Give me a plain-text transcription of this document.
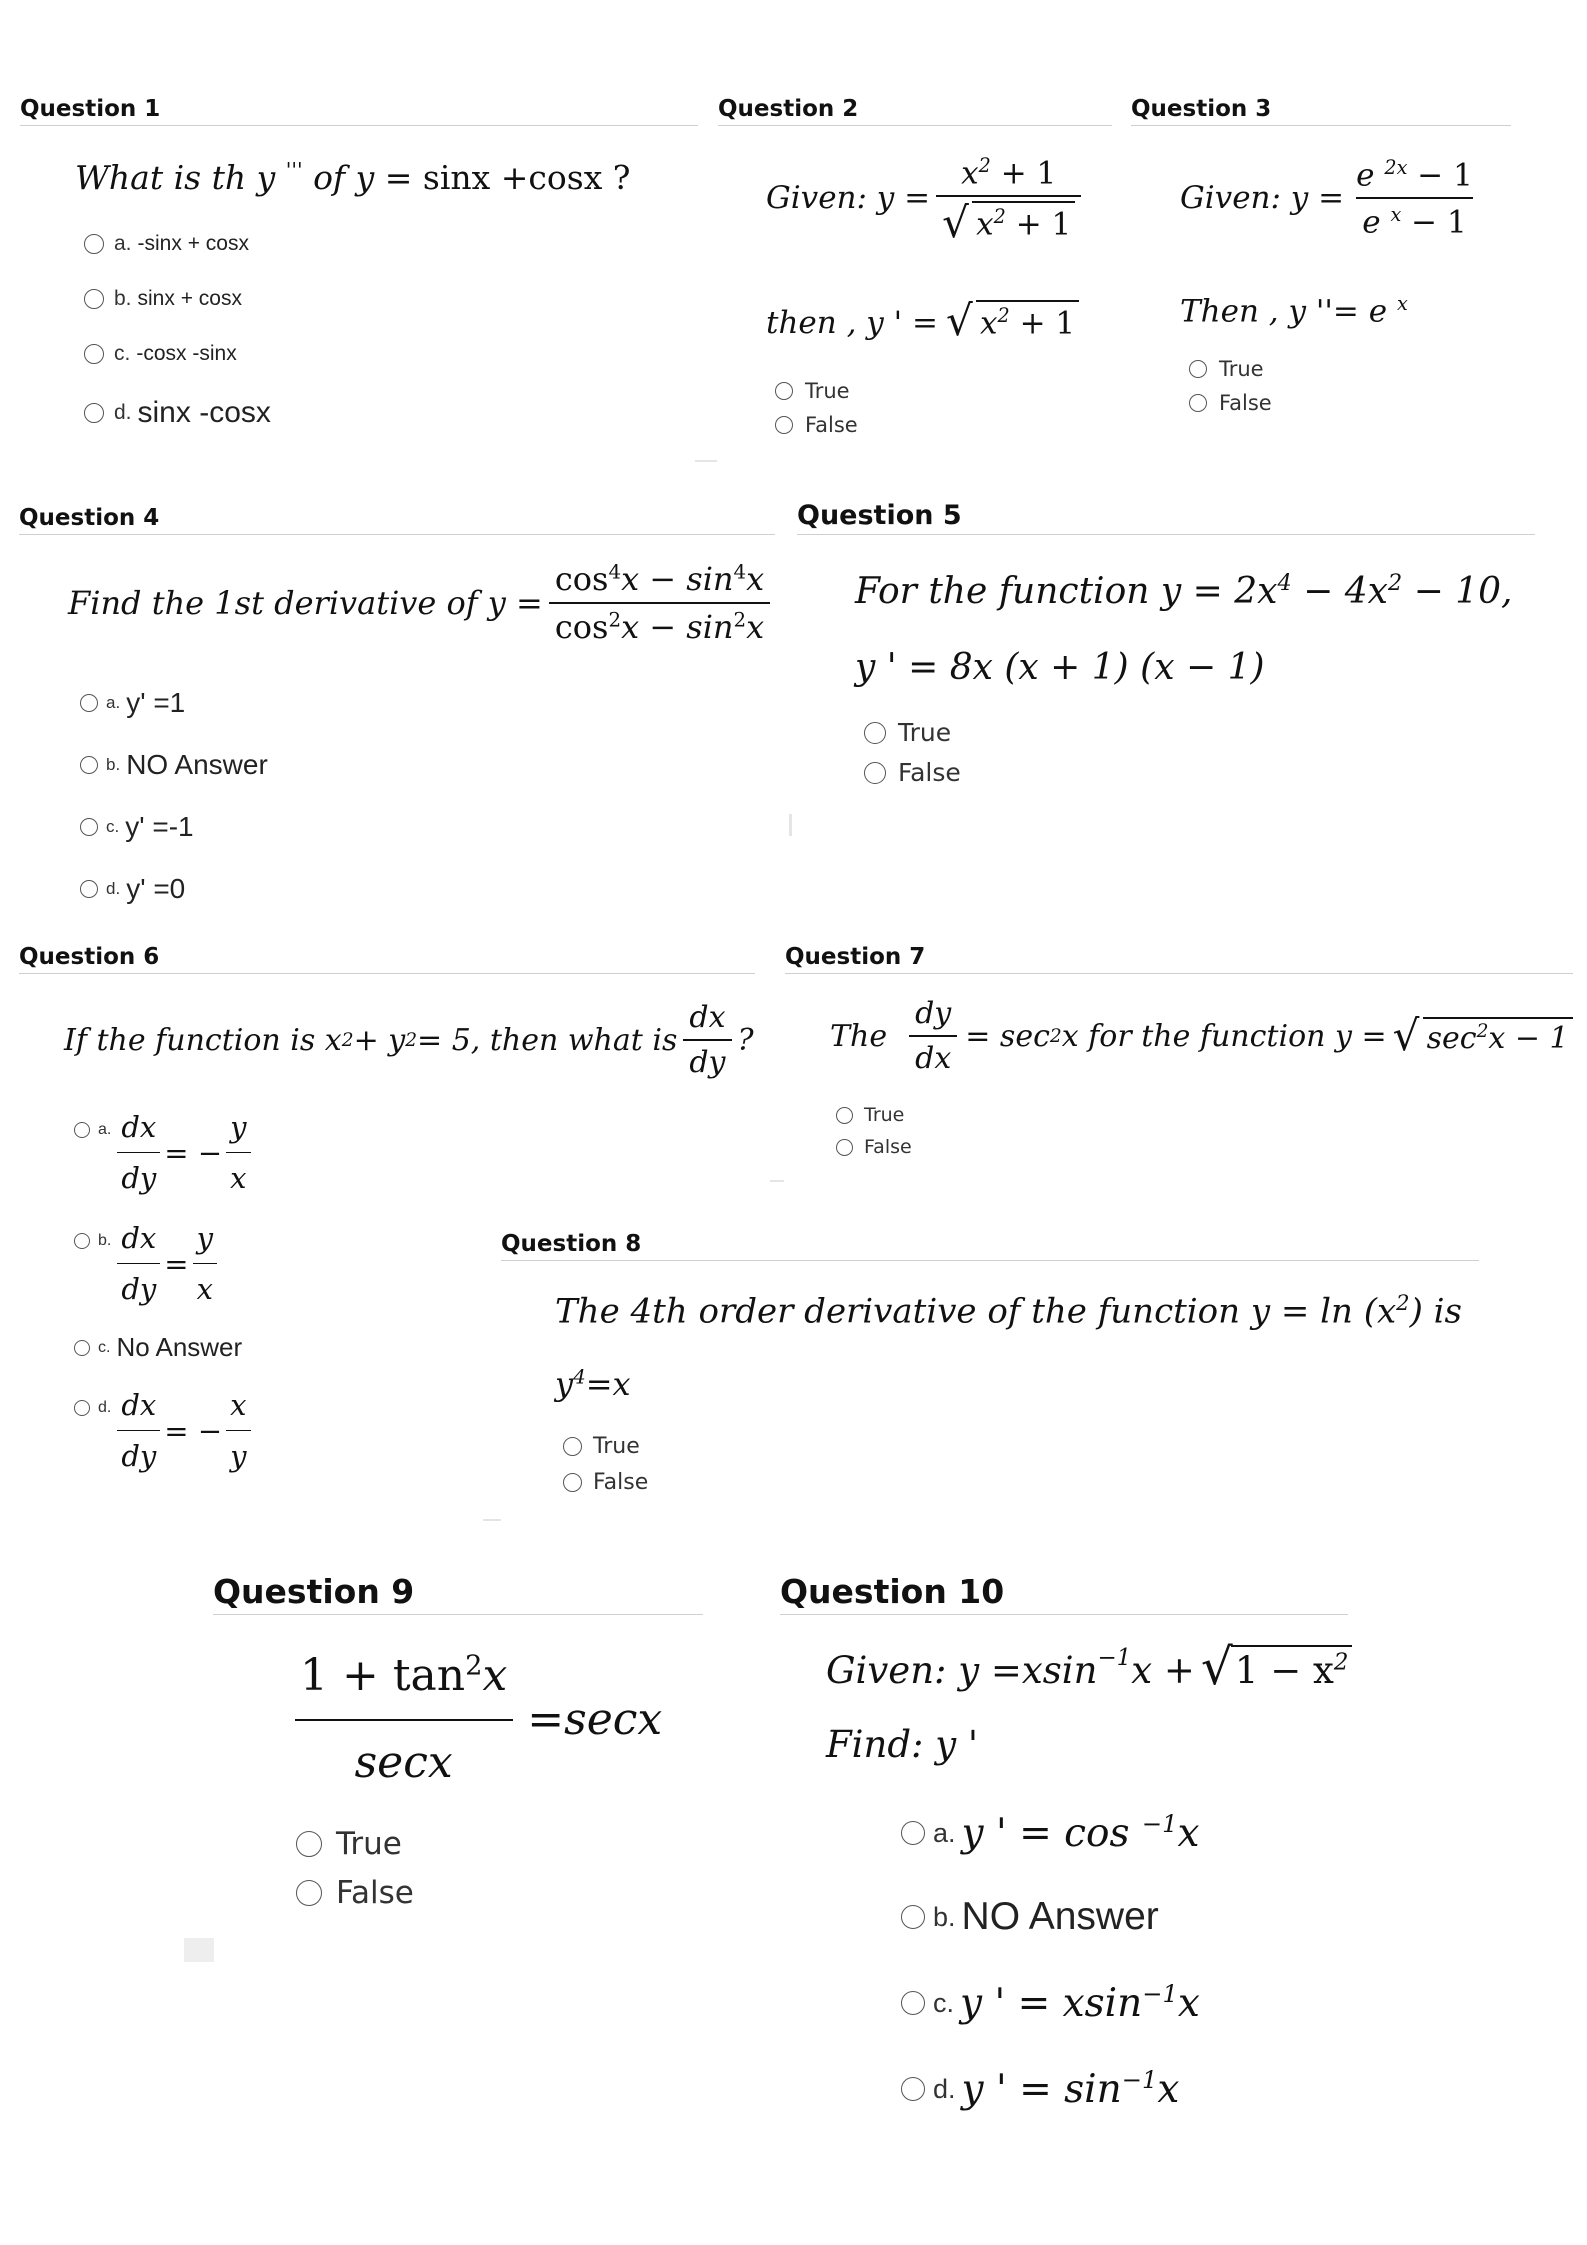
Question 1
What is th y ''' of y = sinx +cosx ?
a. -sinx + cosx
b. sinx + cosx
c. -cosx -sinx
d. sinx -cosx
Question 2
Given: $y = \frac{x^2 + 1}{√ x^2 + 1}$
then , y ' = √ $x^2 + 1$
True
False
Question 3
Given: $y = \frac{e ^{2x} - 1}{e ^x - 1}$
Then , y ''= e $^x$
True
False
Question 4
Find the 1st derivative of $y = \frac{\cos^4x - \sin^4x}{\cos^2x - \sin^2x}$
a. y' =1
b. NO Answer
c. y' =-1
d. y' =0
Question 5
For the function $y = 2x^4 - 4x^2 - 10$,
y ' = 8x (x + 1) (x − 1)
True
False
Question 6
If the function is x 2 + y 2 = 5, then what is $\frac{dx}{dy}$ ?
a. $\frac{dx}{dy}$ = − $\frac{y}{x}$
b. $\frac{dx}{dy} = \frac{y}{x}$
c. No Answer
d. $\frac{dx}{dy}$ = − $\frac{x}{y}$
Question 7
The $\frac{dy}{dx} = \sec 2$ x for the function y = √ $\sec^2x - 1$
True
False
Question 8
The 4th order derivative of the function $y = \ln (x^2)$ is
$y^4=x$
True
False
Question 9
$\frac{1 + \tan^2x}{\sec x} =\sec x$
True
False
Question 10
Given: y =xsin$^{-1}$ x + √ $1 - x^2$
Find: y '
a. y ' = cos $^{-1}$x
b. NO Answer
c. y ' = xsin$^{-1}$x
d. y ' = $\sin^{-1}x$
